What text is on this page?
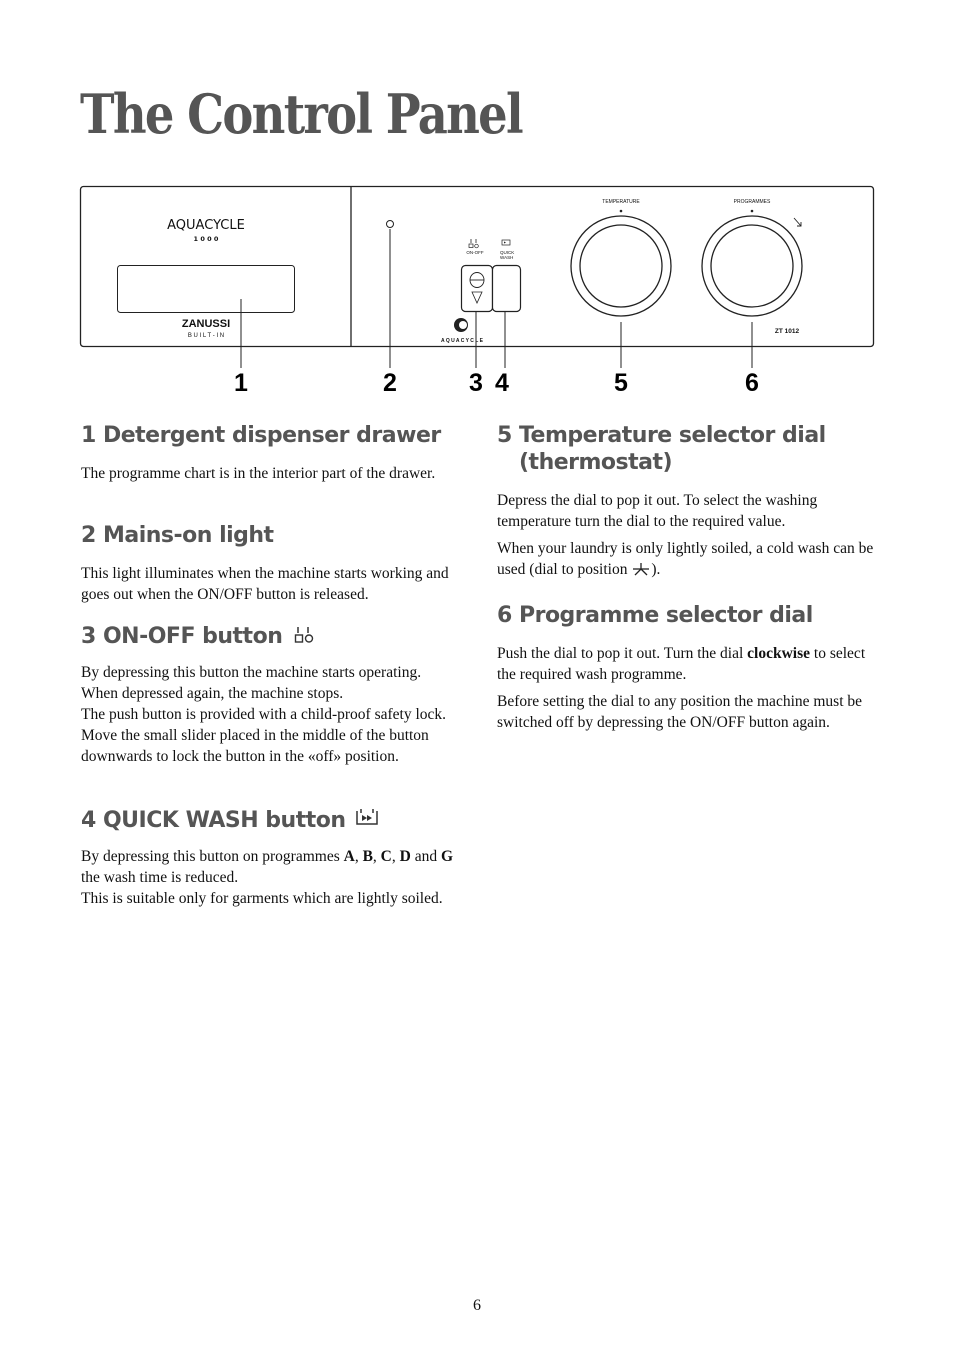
The Control Panel
AQUACYCLE
1 0 0 0
ZANUSSI
B U I L T - I N
ON-OFF	QUICK
WASH
A Q U A C Y C L E
TEMPERATURE	PROGRAMMES
ZT 1012
1	2	3 4	5	6
1 Detergent dispenser drawer

The programme chart is in the interior part of the drawer.

2 Mains-on light

This light illuminates when the machine starts working and goes out when the ON/OFF button is released.

3 ON-OFF button

By depressing this button the machine starts operating. When depressed again, the machine stops.

The push button is provided with a child-proof safety lock. Move the small slider placed in the middle of the button downwards to lock the button in the «off» position.

4 QUICK WASH button

By depressing this button on programmes A, B, C, D and G the wash time is reduced.

This is suitable only for garments which are lightly soiled.

5 Temperature selector dial
(thermostat)

Depress the dial to pop it out. To select the washing temperature turn the dial to the required value.

When your laundry is only lightly soiled, a cold wash can be used (dial to position ).

6 Programme selector dial

Push the dial to pop it out. Turn the dial clockwise to select the required wash programme.

Before setting the dial to any position the machine must be switched off by depressing the ON/OFF button again.

6
